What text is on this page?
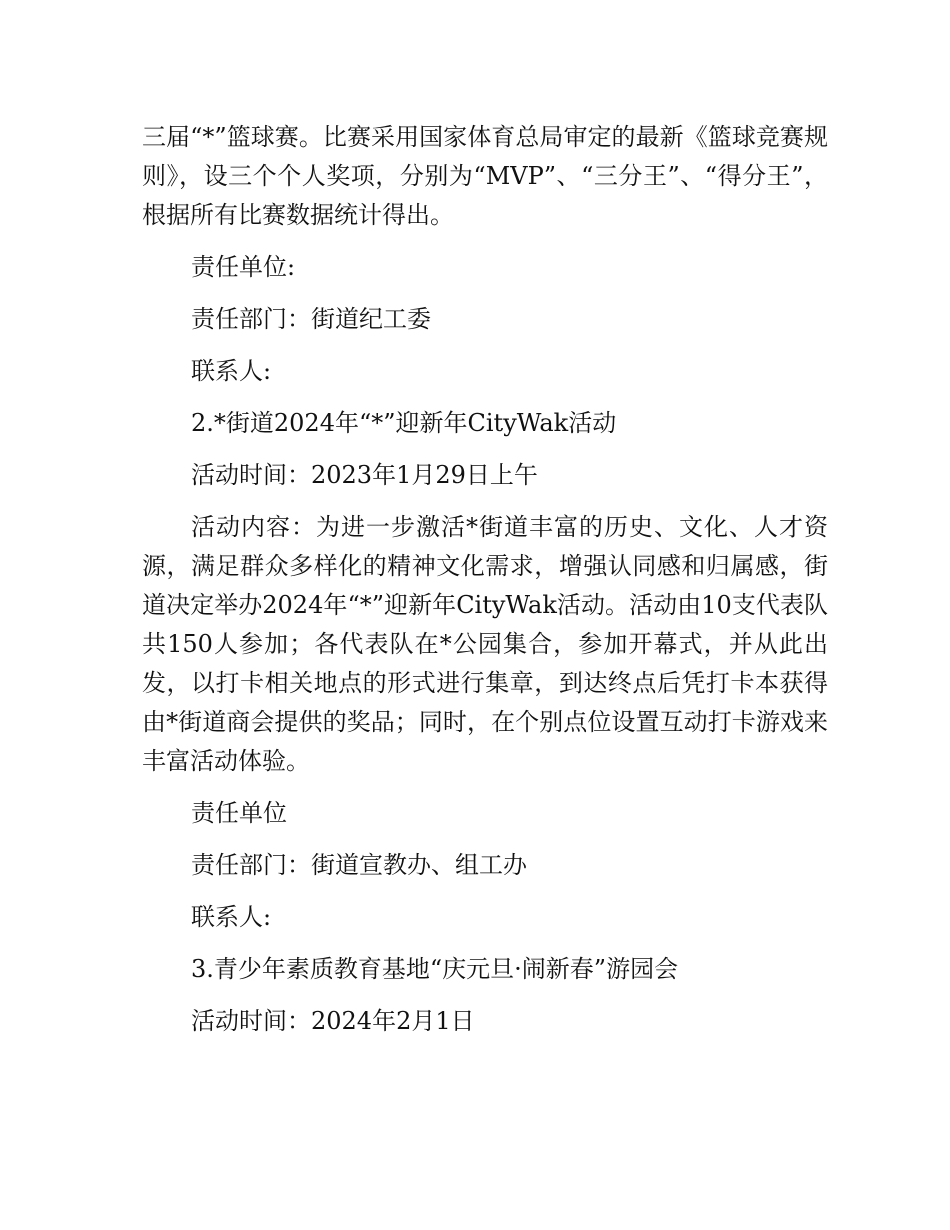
三届“*”篮球赛。比赛采用国家体育总局审定的最新《篮球竞赛规则》，设三个个人奖项，分别为“MVP”、“三分王”、“得分王”，根据所有比赛数据统计得出。

责任单位:

责任部门：街道纪工委

联系人:

2.*街道2024年“*”迎新年CityWak活动

活动时间：2023年1月29日上午

活动内容：为进一步激活*街道丰富的历史、文化、人才资源，满足群众多样化的精神文化需求，增强认同感和归属感，街道决定举办2024年“*”迎新年CityWak活动。活动由10支代表队共150人参加；各代表队在*公园集合，参加开幕式，并从此出发，以打卡相关地点的形式进行集章，到达终点后凭打卡本获得由*街道商会提供的奖品；同时，在个别点位设置互动打卡游戏来丰富活动体验。

责任单位

责任部门：街道宣教办、组工办

联系人:

3.青少年素质教育基地“庆元旦·闹新春”游园会

活动时间：2024年2月1日
